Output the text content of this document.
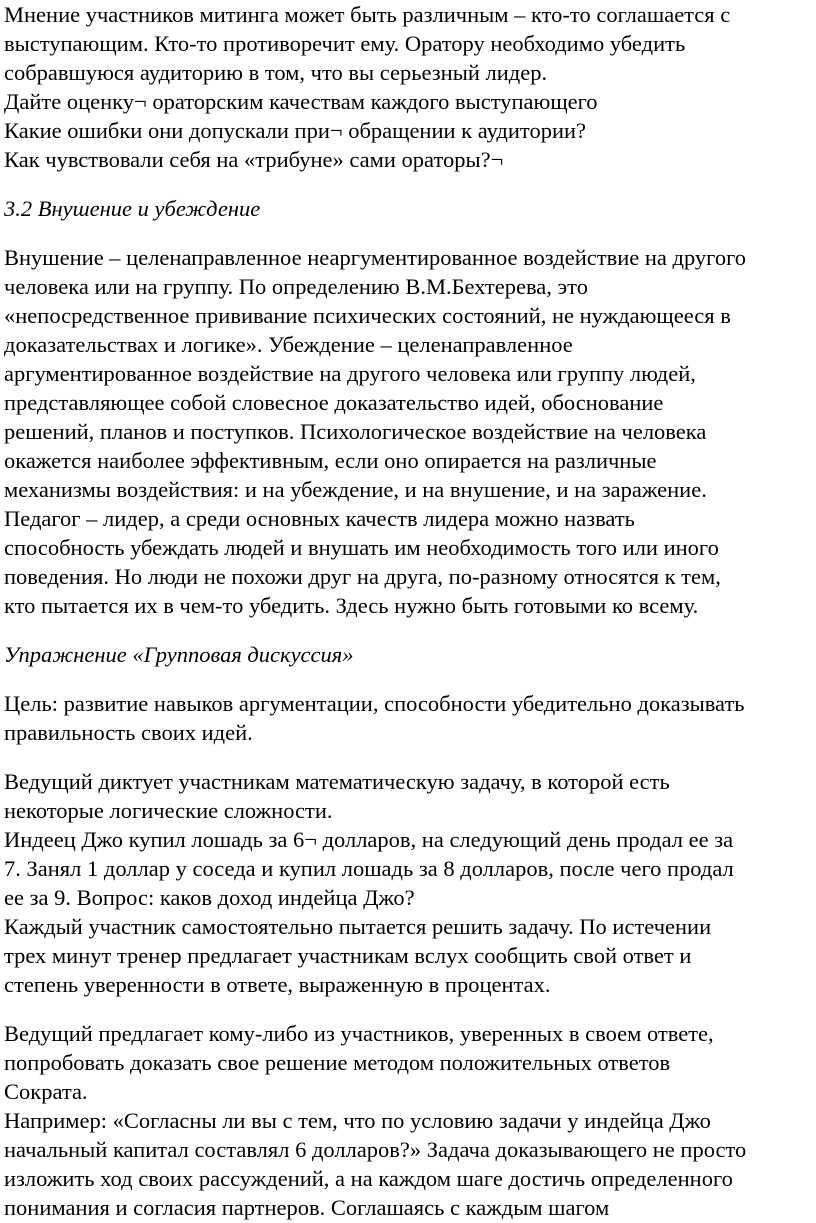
Мнение участников митинга может быть различным – кто-то соглашается с
выступающим. Кто-то противоречит ему. Оратору необходимо убедить
собравшуюся аудиторию в том, что вы серьезный лидер.
Дайте оценку¬ ораторским качествам каждого выступающего
Какие ошибки они допускали при¬ обращении к аудитории?
Как чувствовали себя на «трибуне» сами ораторы?¬
3.2 Внушение и убеждение
Внушение – целенаправленное неаргументированное воздействие на другого
человека или на группу. По определению В.М.Бехтерева, это
«непосредственное прививание психических состояний, не нуждающееся в
доказательствах и логике». Убеждение – целенаправленное
аргументированное воздействие на другого человека или группу людей,
представляющее собой словесное доказательство идей, обоснование
решений, планов и поступков. Психологическое воздействие на человека
окажется наиболее эффективным, если оно опирается на различные
механизмы воздействия: и на убеждение, и на внушение, и на заражение.
Педагог – лидер, а среди основных качеств лидера можно назвать
способность убеждать людей и внушать им необходимость того или иного
поведения. Но люди не похожи друг на друга, по-разному относятся к тем,
кто пытается их в чем-то убедить. Здесь нужно быть готовыми ко всему.
Упражнение «Групповая дискуссия»
Цель: развитие навыков аргументации, способности убедительно доказывать
правильность своих идей.
Ведущий диктует участникам математическую задачу, в которой есть
некоторые логические сложности.
Индеец Джо купил лошадь за 6¬ долларов, на следующий день продал ее за
7. Занял 1 доллар у соседа и купил лошадь за 8 долларов, после чего продал
ее за 9. Вопрос: каков доход индейца Джо?
Каждый участник самостоятельно пытается решить задачу. По истечении
трех минут тренер предлагает участникам вслух сообщить свой ответ и
степень уверенности в ответе, выраженную в процентах.
Ведущий предлагает кому-либо из участников, уверенных в своем ответе,
попробовать доказать свое решение методом положительных ответов
Сократа.
Например: «Согласны ли вы с тем, что по условию задачи у индейца Джо
начальный капитал составлял 6 долларов?» Задача доказывающего не просто
изложить ход своих рассуждений, а на каждом шаге достичь определенного
понимания и согласия партнеров. Соглашаясь с каждым шагом
